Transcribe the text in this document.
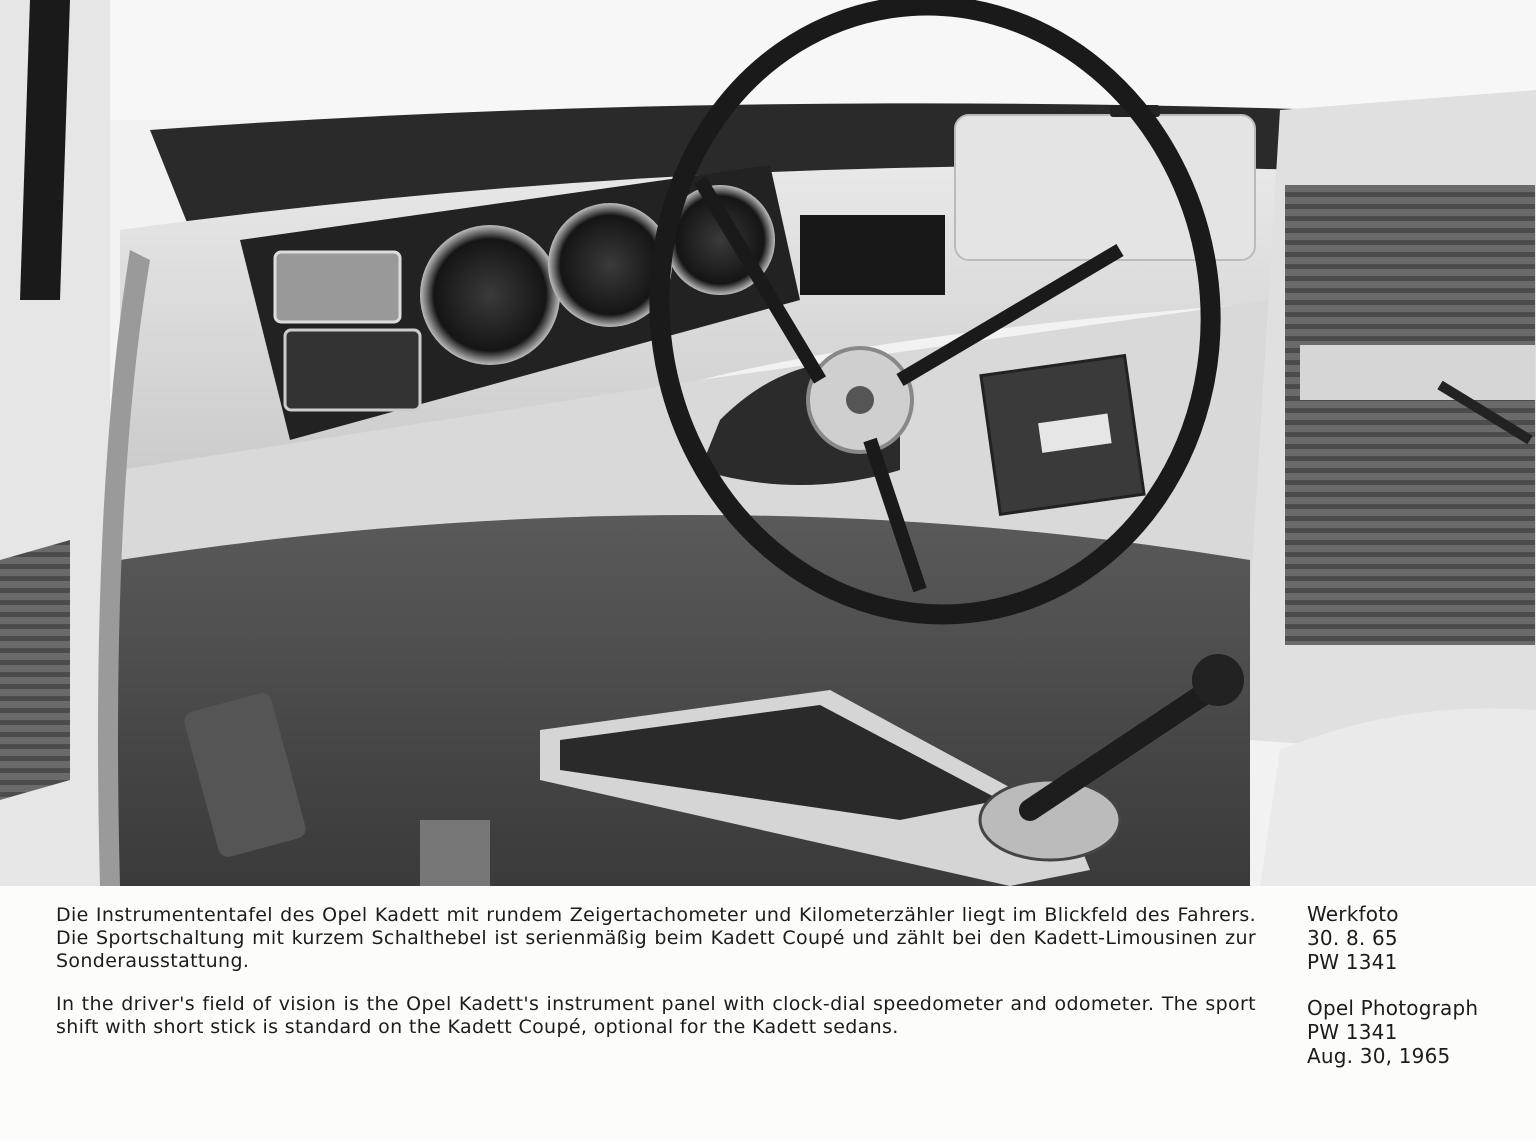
Die Instrumententafel des Opel Kadett mit rundem Zeigertachometer und Kilometerzähler liegt im Blickfeld des Fahrers. Die Sportschaltung mit kurzem Schalthebel ist serienmäßig beim Kadett Coupé und zählt bei den Kadett-Limousinen zur Sonderausstattung.

In the driver's field of vision is the Opel Kadett's instrument panel with clock-dial speedometer and odometer. The sport shift with short stick is standard on the Kadett Coupé, optional for the Kadett sedans.

Werkfoto
30. 8. 65
PW 1341
Opel Photograph
PW 1341
Aug. 30, 1965
